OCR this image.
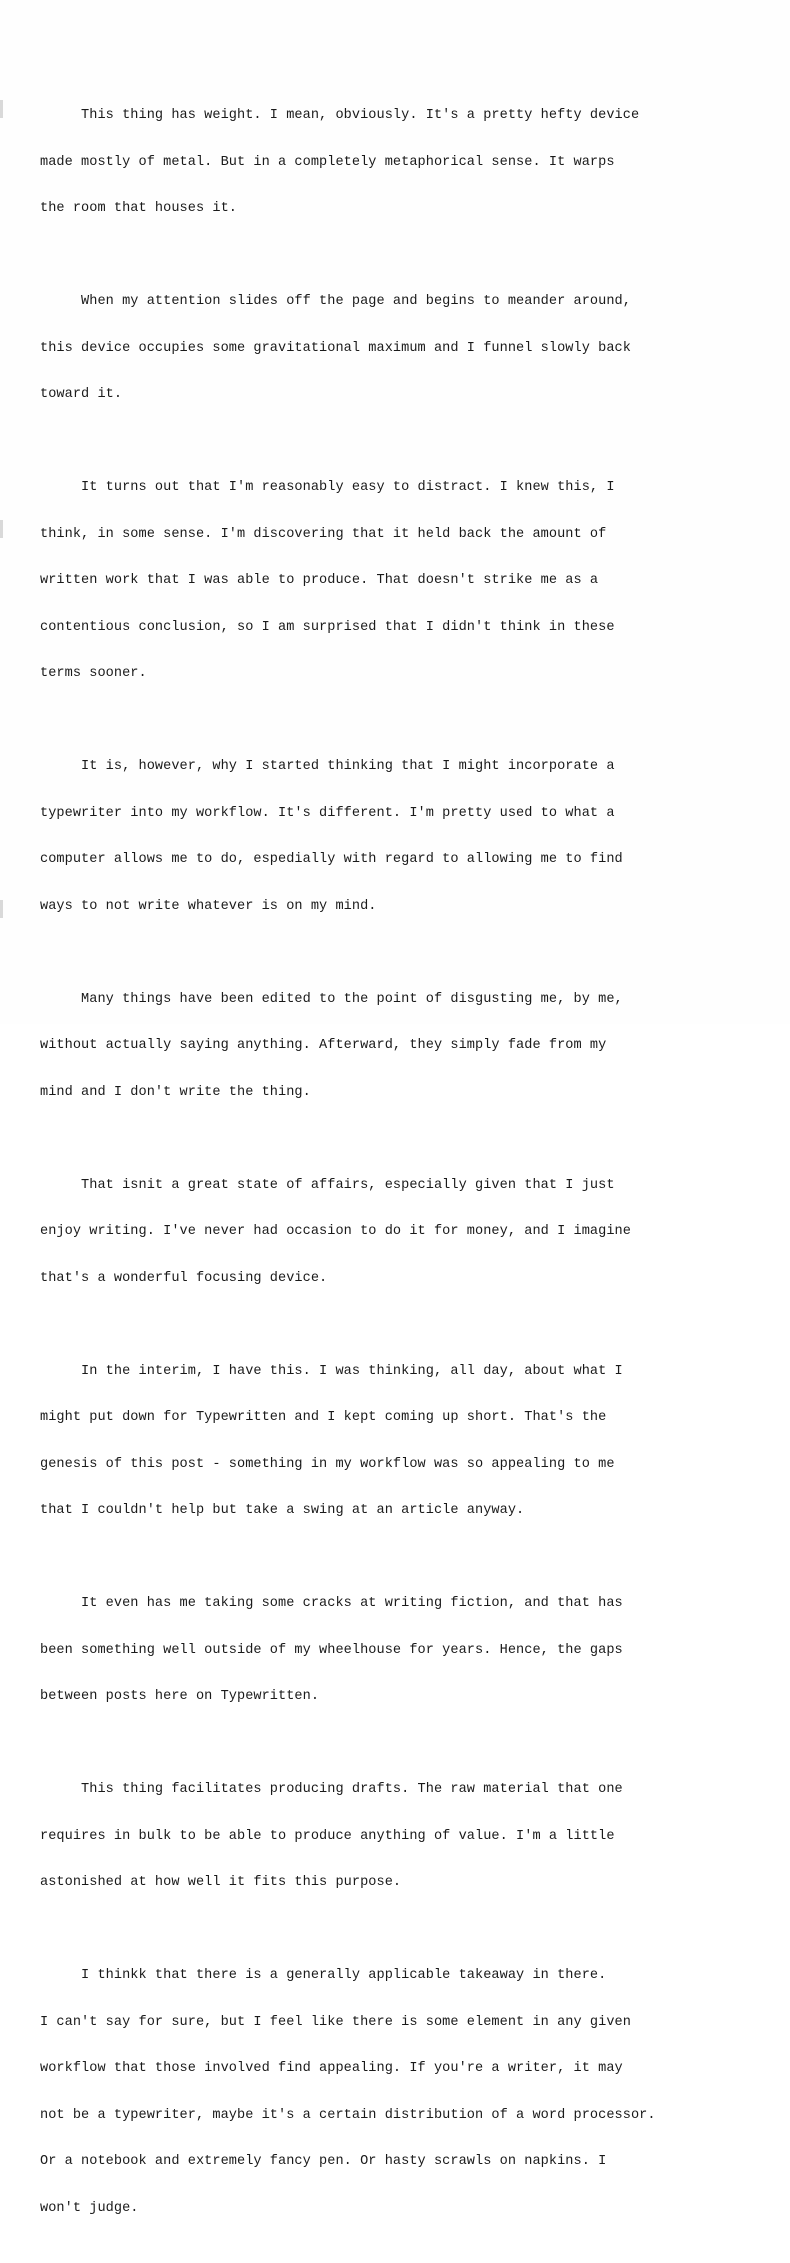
This thing has weight. I mean, obviously. It's a pretty hefty device

made mostly of metal. But in a completely metaphorical sense. It warps

the room that houses it.

When my attention slides off the page and begins to meander around,

this device occupies some gravitational maximum and I funnel slowly back

toward it.

It turns out that I'm reasonably easy to distract. I knew this, I

think, in some sense. I'm discovering that it held back the amount of

written work that I was able to produce. That doesn't strike me as a

contentious conclusion, so I am surprised that I didn't think in these

terms sooner.

It is, however, why I started thinking that I might incorporate a

typewriter into my workflow. It's different. I'm pretty used to what a

computer allows me to do, espedially with regard to allowing me to find

ways to not write whatever is on my mind.

Many things have been edited to the point of disgusting me, by me,

without actually saying anything. Afterward, they simply fade from my

mind and I don't write the thing.

That isnit a great state of affairs, especially given that I just

enjoy writing. I've never had occasion to do it for money, and I imagine

that's a wonderful focusing device.

In the interim, I have this. I was thinking, all day, about what I

might put down for Typewritten and I kept coming up short. That's the

genesis of this post - something in my workflow was so appealing to me

that I couldn't help but take a swing at an article anyway.

It even has me taking some cracks at writing fiction, and that has

been something well outside of my wheelhouse for years. Hence, the gaps

between posts here on Typewritten.

This thing facilitates producing drafts. The raw material that one

requires in bulk to be able to produce anything of value. I'm a little

astonished at how well it fits this purpose.

I thinkk that there is a generally applicable takeaway in there.

I can't say for sure, but I feel like there is some element in any given

workflow that those involved find appealing. If you're a writer, it may

not be a typewriter, maybe it's a certain distribution of a word processor.

Or a notebook and extremely fancy pen. Or hasty scrawls on napkins. I

won't judge.
